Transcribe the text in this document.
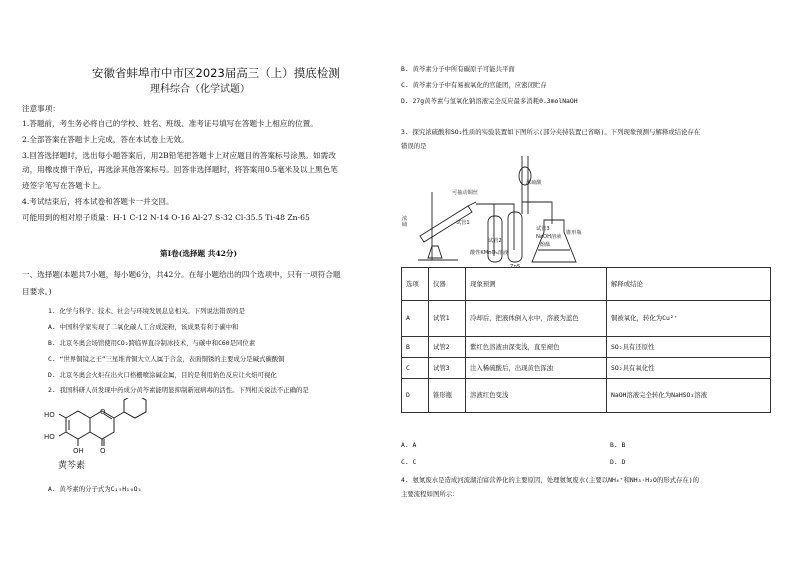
安徽省蚌埠市中市区2023届高三（上）摸底检测
理科综合（化学试题）
注意事项：
1.答题前，考生务必将自己的学校、姓名、班级、准考证号填写在答题卡上相应的位置。
2.全部答案在答题卡上完成，答在本试卷上无效。
3.回答选择题时，选出每小题答案后，用2B铅笔把答题卡上对应题目的答案标号涂黑。如需改
动，用橡皮擦干净后，再选涂其他答案标号。回答非选择题时，将答案用0.5毫米及以上黑色笔
迹签字笔写在答题卡上。
4.考试结束后，将本试卷和答题卡一并交回。
可能用到的相对原子质量：H-1 C-12 N-14 O-16 Al-27 S-32 Cl-35.5 Ti-48 Zn-65
第Ⅰ卷(选择题 共42分)
一、选择题(本题共7小题，每小题6分，共42分。在每小题给出的四个选项中，只有一项符合题
目要求。)
1. 化学与科学、技术、社会与环境发展息息相关。下列说法错误的是
A. 中国科学家实现了二氧化碳人工合成淀粉，该成果有利于碳中和
B. 北京冬奥会场馆使用CO₂跨临界直冷制冰技术，与碳中和C60是同位素
C. “世界铜镜之王”三星堆青铜大立人属于合金，表面铜锈的主要成分是碱式碳酸铜
D. 北京冬奥会火炬在出火口格栅喷涂碱金属，目的是利用焰色反应让火焰可视化
2. 我国科研人员发现中药成分黄芩素能明显抑制新冠病毒的活性。下列相关说法不正确的是
HO
HO
OH O
O
黄芩素
A. 黄芩素的分子式为C₁₅H₁₀O₅
B. 黄芩素分子中所有碳原子可能共平面
C. 黄芩素分子中有易被氧化的官能团，应密闭贮存
D. 27g黄芩素与氢氧化钠溶液完全反应最多消耗0.3molNaOH
3. 探究浓硫酸和SO₂性质的实验装置如下图所示(部分夹持装置已省略)。下列现象预测与解释或结论存在
错误的是
可抽动铜丝
浓硫酸
浓
硫	试管1
试管2
试管3
酸性KMnO₄溶液
ZnS
NaOH溶液
酚酞
锥形瓶
选项	仪器	现象预测	解释或结论
A	试管1	冷却后，把液体倒入水中，溶液为蓝色	铜被氧化，转化为Cu²⁺
B	试管2	紫红色溶液由深变浅，直至褪色	SO₂具有还原性
C	试管3	注入稀硫酸后，出现黄色浑浊	SO₂具有氧化性
D	锥形瓶	溶液红色变浅	NaOH溶液完全转化为NaHSO₃溶液
A. A	B. B
C. C	D. D
4. 氨氮废水是造成河流湖泊富营养化的主要原因，处理氨氮废水(主要以NH₄⁺和NH₃·H₂O的形式存在)的
主要流程如图所示：
